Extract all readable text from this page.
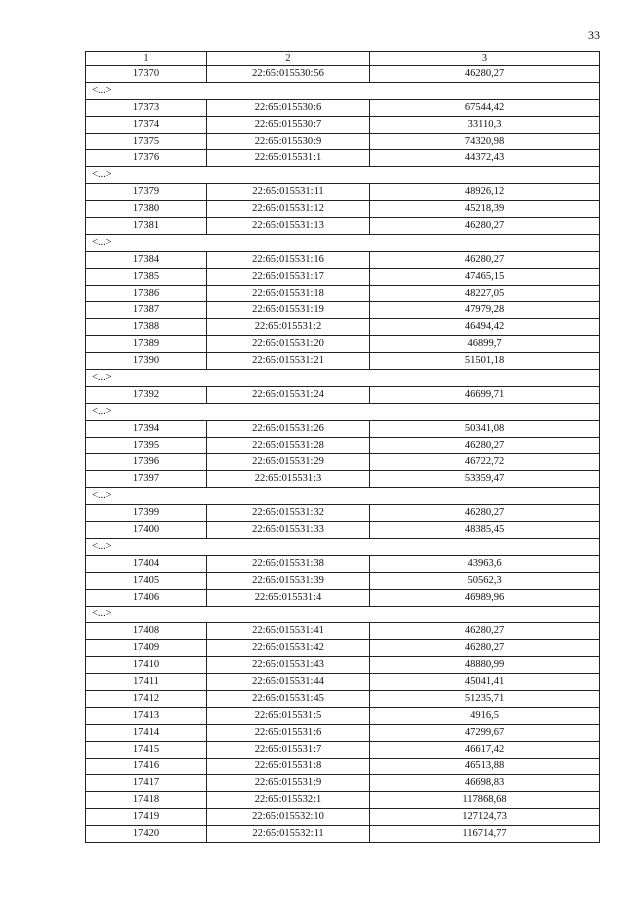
33
1	2	3
17370	22:65:015530:56	46280,27
<...>		
17373	22:65:015530:6	67544,42
17374	22:65:015530:7	33110,3
17375	22:65:015530:9	74320,98
17376	22:65:015531:1	44372,43
<...>		
17379	22:65:015531:11	48926,12
17380	22:65:015531:12	45218,39
17381	22:65:015531:13	46280,27
<...>		
17384	22:65:015531:16	46280,27
17385	22:65:015531:17	47465,15
17386	22:65:015531:18	48227,05
17387	22:65:015531:19	47979,28
17388	22:65:015531:2	46494,42
17389	22:65:015531:20	46899,7
17390	22:65:015531:21	51501,18
<...>		
17392	22:65:015531:24	46699,71
<...>		
17394	22:65:015531:26	50341,08
17395	22:65:015531:28	46280,27
17396	22:65:015531:29	46722,72
17397	22:65:015531:3	53359,47
<...>		
17399	22:65:015531:32	46280,27
17400	22:65:015531:33	48385,45
<...>		
17404	22:65:015531:38	43963,6
17405	22:65:015531:39	50562,3
17406	22:65:015531:4	46989,96
<...>		
17408	22:65:015531:41	46280,27
17409	22:65:015531:42	46280,27
17410	22:65:015531:43	48880,99
17411	22:65:015531:44	45041,41
17412	22:65:015531:45	51235,71
17413	22:65:015531:5	4916,5
17414	22:65:015531:6	47299,67
17415	22:65:015531:7	46617,42
17416	22:65:015531:8	46513,88
17417	22:65:015531:9	46698,83
17418	22:65:015532:1	117868,68
17419	22:65:015532:10	127124,73
17420	22:65:015532:11	116714,77
